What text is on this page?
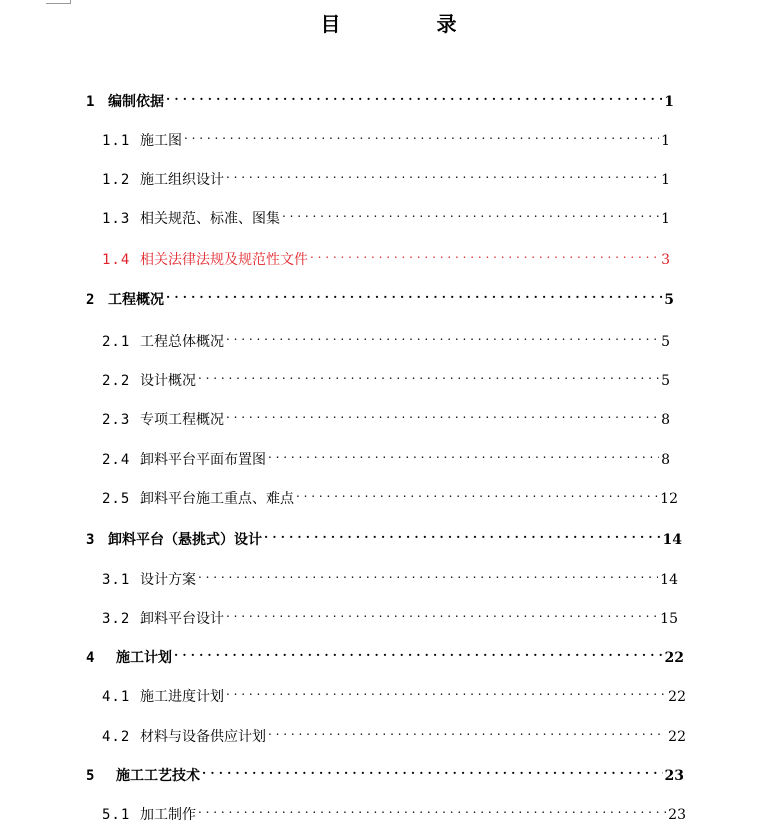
目　录
1 编制依据 . . .	1
1.1 施工图 . . .	1
1.2 施工组织设计 . . .	1
1.3 相关规范、标准、图集 . . .	1
1.4 相关法律法规及规范性文件 . . .	3
2 工程概况 . . .	5
2.1 工程总体概况 . . .	5
2.2 设计概况 . . .	5
2.3 专项工程概况 . . .	8
2.4 卸料平台平面布置图 . . .	8
2.5 卸料平台施工重点、难点 . . .	12
3 卸料平台（悬挑式）设计 . . .	14
3.1 设计方案 . . .	14
3.2 卸料平台设计 . . .	15
4	施工计划 . . .	22
4.1 施工进度计划 . . .	22
4.2 材料与设备供应计划 . . .	22
5	施工工艺技术 . . .	23
5.1 加工制作 . . .	23
